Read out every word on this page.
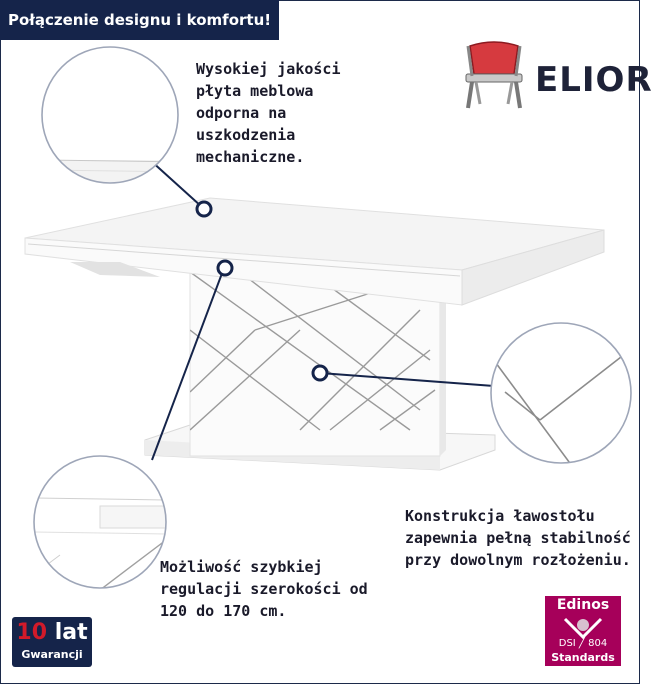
Połączenie designu i komfortu!
ELIOR
Wysokiej jakości płyta meblowa odporna na uszkodzenia mechaniczne.
Konstrukcja ławostołu zapewnia pełną stabilność przy dowolnym rozłożeniu.
Możliwość szybkiej regulacji szerokości od 120 do 170 cm.
10 lat
Gwarancji
Edinos
DSI ╱ 804
Standards
